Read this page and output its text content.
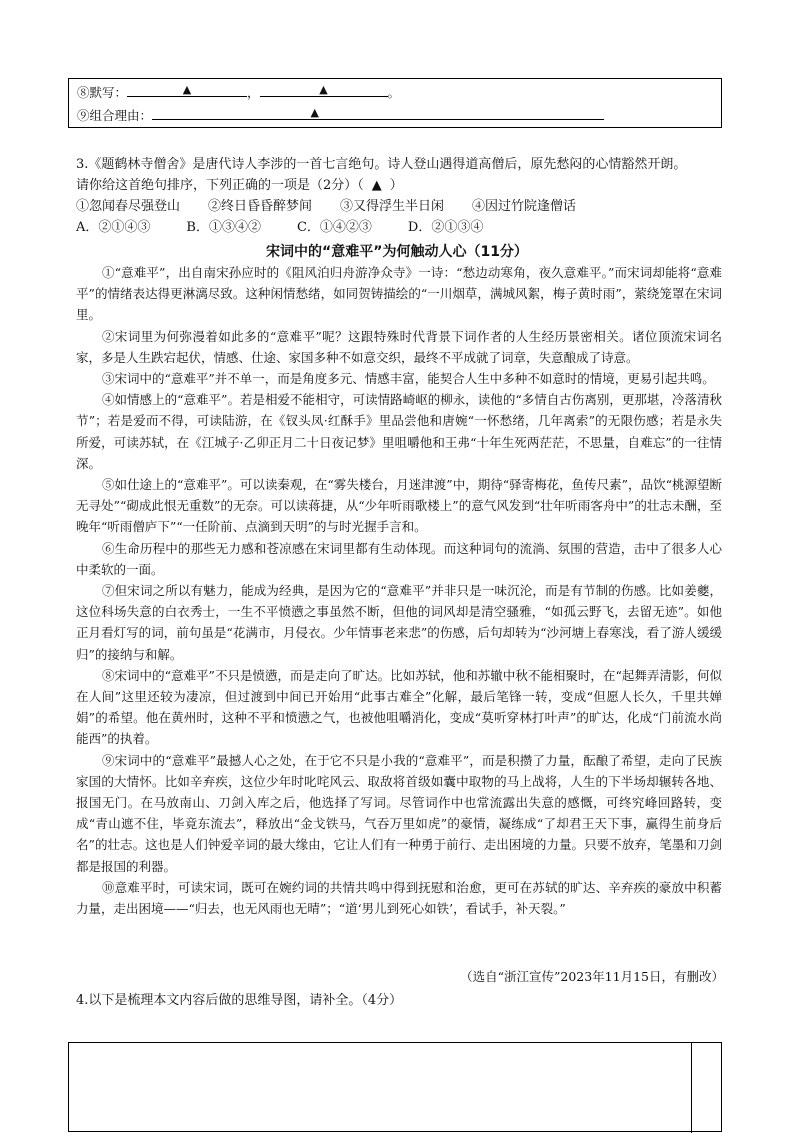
⑧默写：	▲	，	▲	。
⑨组合理由：	▲

3.《题鹤林寺僧舍》是唐代诗人李涉的一首七言绝句。诗人登山遇得道高僧后，原先愁闷的心情豁然开朗。

请你给这首绝句排序，下列正确的一项是（2分）（ ▲ ）

①忽闻春尽强登山 ②终日昏昏醉梦间 ③又得浮生半日闲 ④因过竹院逢僧话

A．②①④③	B．①③④②	C．①④②③	D．②①③④

宋词中的“意难平”为何触动人心（11分）

①“意难平”，出自南宋孙应时的《阻风泊归舟游净众寺》一诗：“愁边动寒角，夜久意难平。”而宋词却能将“意难平”的情绪表达得更淋漓尽致。这种闲情愁绪，如同贺铸描绘的“一川烟草，满城风絮，梅子黄时雨”，萦绕笼罩在宋词里。

②宋词里为何弥漫着如此多的“意难平”呢？这跟特殊时代背景下词作者的人生经历景密相关。诸位顶流宋词名家，多是人生跌宕起伏，情感、仕途、家国多种不如意交织，最终不平成就了词章，失意酿成了诗意。

③宋词中的“意难平”并不单一，而是角度多元、情感丰富，能契合人生中多种不如意时的情境，更易引起共鸣。

④如情感上的“意难平”。若是相爱不能相守，可读情路崎岖的柳永，读他的“多情自古伤离别，更那堪，冷落清秋节”；若是爱而不得，可读陆游，在《钗头凤·红酥手》里品尝他和唐婉“一怀愁绪，几年离索”的无限伤感；若是永失所爱，可读苏轼，在《江城子·乙卯正月二十日夜记梦》里咀嚼他和王弗“十年生死两茫茫，不思量，自难忘”的一往情深。

⑤如仕途上的“意难平”。可以读秦观，在“雾失楼台，月迷津渡”中，期待“驿寄梅花，鱼传尺素”，品饮“桃源望断无寻处”“砌成此恨无重数”的无奈。可以读蒋捷，从“少年听雨歌楼上”的意气风发到“壮年听雨客舟中”的壮志未酬，至晚年“听雨僧庐下”“一任阶前、点滴到天明”的与时光握手言和。

⑥生命历程中的那些无力感和苍凉感在宋词里都有生动体现。而这种词句的流淌、氛围的营造，击中了很多人心中柔软的一面。

⑦但宋词之所以有魅力，能成为经典，是因为它的“意难平”并非只是一味沉沦，而是有节制的伤感。比如姜夔，这位科场失意的白衣秀士，一生不平愤懑之事虽然不断，但他的词风却是清空骚雅，“如孤云野飞，去留无迹”。如他正月看灯写的词，前句虽是“花满市，月侵衣。少年情事老来悲”的伤感，后句却转为“沙河塘上春寒浅，看了游人缓缓归”的接纳与和解。

⑧宋词中的“意难平”不只是愤懑，而是走向了旷达。比如苏轼，他和苏辙中秋不能相聚时，在“起舞弄清影，何似在人间”这里还较为凄凉，但过渡到中间已开始用“此事古难全”化解，最后笔锋一转，变成“但愿人长久，千里共婵娟”的希望。他在黄州时，这种不平和愤懑之气，也被他咀嚼消化，变成“莫听穿林打叶声”的旷达，化成“门前流水尚能西”的执着。

⑨宋词中的“意难平”最撼人心之处，在于它不只是小我的“意难平”，而是积攒了力量，酝酿了希望，走向了民族家国的大情怀。比如辛弃疾，这位少年时叱咤风云、取敌将首级如囊中取物的马上战将，人生的下半场却辗转各地、报国无门。在马放南山、刀剑入库之后，他选择了写词。尽管词作中也常流露出失意的感慨，可终究峰回路转，变成“青山遮不住，毕竟东流去”，释放出“金戈铁马，气吞万里如虎”的豪情，凝练成“了却君王天下事，赢得生前身后名”的壮志。这也是人们钟爱辛词的最大缘由，它让人们有一种勇于前行、走出困境的力量。只要不放弃，笔墨和刀剑都是报国的利器。

⑩意难平时，可读宋词，既可在婉约词的共情共鸣中得到抚慰和治愈，更可在苏轼的旷达、辛弃疾的豪放中积蓄力量，走出困境——“归去，也无风雨也无晴”；“道‘男儿到死心如铁’，看试手，补天裂。”

（选自“浙江宣传”2023年11月15日，有删改）
4.以下是梳理本文内容后做的思维导图，请补全。（4分）
